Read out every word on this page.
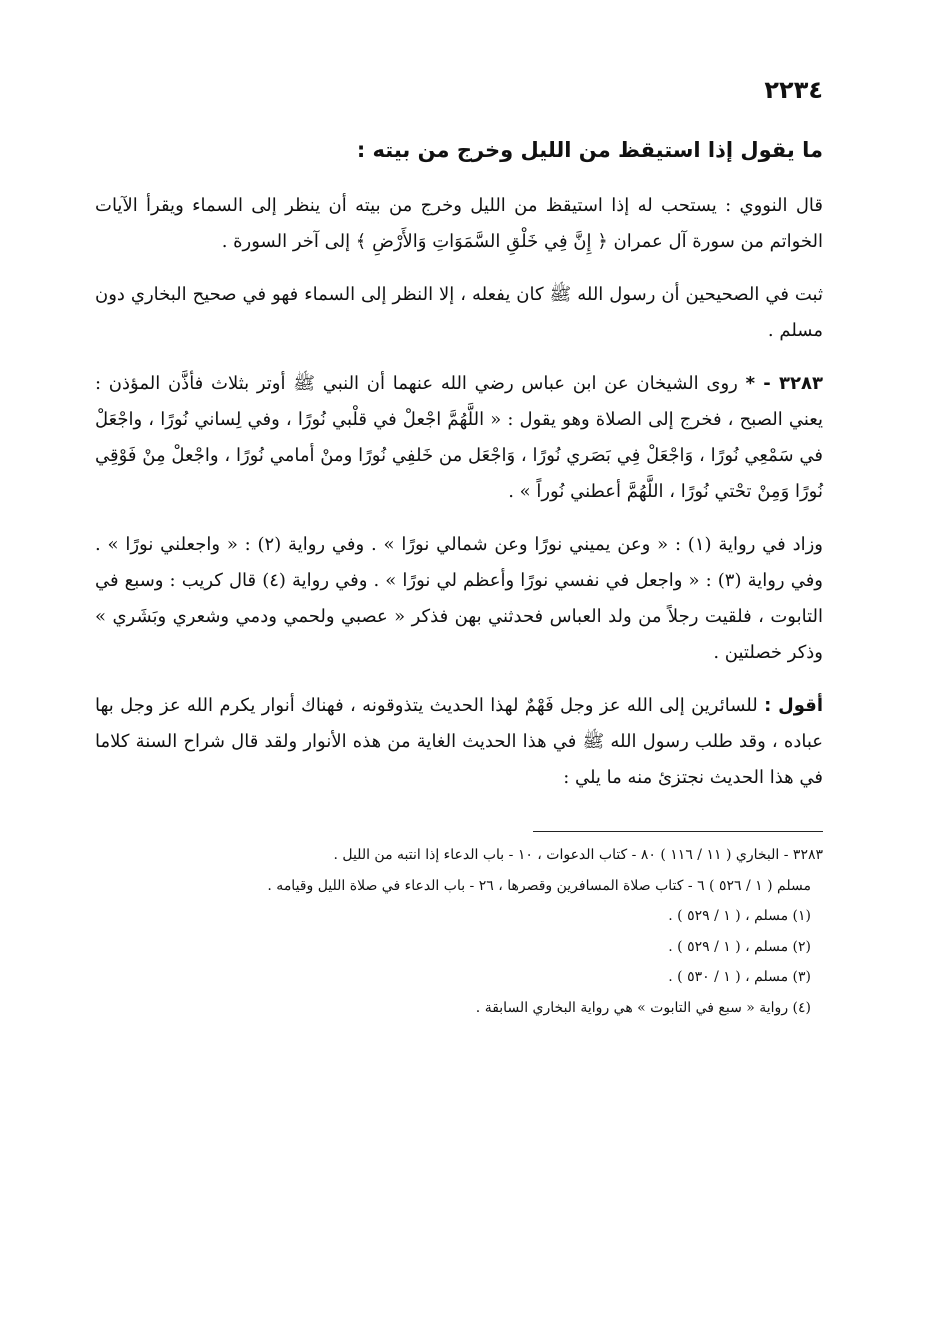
٢٢٣٤
ما يقول إذا استيقظ من الليل وخرج من بيته :

قال النووي : يستحب له إذا استيقظ من الليل وخرج من بيته أن ينظر إلى السماء ويقرأ الآيات الخواتم من سورة آل عمران ﴿ إِنَّ فِي خَلْقِ السَّمَوَاتِ وَالأَرْضِ ﴾ إلى آخر السورة .

ثبت في الصحيحين أن رسول الله ﷺ كان يفعله ، إلا النظر إلى السماء فهو في صحيح البخاري دون مسلم .

٣٢٨٣ - * روى الشيخان عن ابن عباس رضي الله عنهما أن النبي ﷺ أوتر بثلاث فأذَّن المؤذن : يعني الصبح ، فخرج إلى الصلاة وهو يقول : « اللَّهُمَّ اجْعلْ في قلْبي نُورًا ، وفي لِساني نُورًا ، واجْعَلْ في سَمْعِي نُورًا ، وَاجْعَلْ فِي بَصَري نُورًا ، وَاجْعَل من خَلفِي نُورًا ومنْ أمامي نُورًا ، واجْعلْ مِنْ فَوْقِي نُورًا وَمِنْ تحْتي نُورًا ، اللَّهُمَّ أعطني نُوراً » .

وزاد في رواية (١) : « وعن يميني نورًا وعن شمالي نورًا » . وفي رواية (٢) : « واجعلني نورًا » . وفي رواية (٣) : « واجعل في نفسي نورًا وأعظم لي نورًا » . وفي رواية (٤) قال كريب : وسبع في التابوت ، فلقيت رجلاً من ولد العباس فحدثني بهن فذكر « عصبي ولحمي ودمي وشعري وبَشَري » وذكر خصلتين .

أقول : للسائرين إلى الله عز وجل فَهْمٌ لهذا الحديث يتذوقونه ، فهناك أنوار يكرم الله عز وجل بها عباده ، وقد طلب رسول الله ﷺ في هذا الحديث الغاية من هذه الأنوار ولقد قال شراح السنة كلاما في هذا الحديث نجتزئ منه ما يلي :

٣٢٨٣ - البخاري ( ١١ / ١١٦ ) ٨٠ - كتاب الدعوات ، ١٠ - باب الدعاء إذا انتبه من الليل .

مسلم ( ١ / ٥٢٦ ) ٦ - كتاب صلاة المسافرين وقصرها ، ٢٦ - باب الدعاء في صلاة الليل وقيامه .

(١) مسلم ، ( ١ / ٥٢٩ ) .

(٢) مسلم ، ( ١ / ٥٢٩ ) .

(٣) مسلم ، ( ١ / ٥٣٠ ) .

(٤) رواية « سبع في التابوت » هي رواية البخاري السابقة .
